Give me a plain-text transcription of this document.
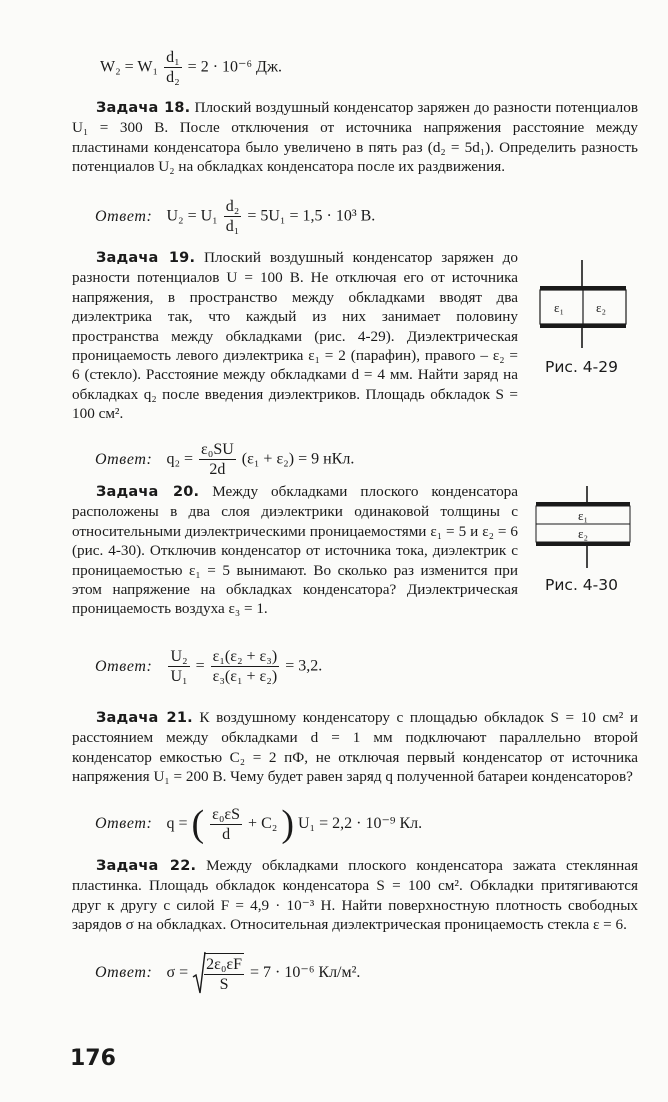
$W_2 = W_1 \frac{\text{d₁}}{\text{d₂}} = 2 \cdot 10^{-6}$ Дж.
Задача 18. Плоский воздушный конденсатор заряжен до разности потенциалов U₁ = 300 В. После отключения от источника напряжения расстояние между пластинами конденсатора было увеличено в пять раз (d₂ = 5d₁). Определить разность потенциалов U₂ на обкладках конденсатора после их раздвижения.
Ответ: $U_2 = U_1 \frac{\text{d₂}}{\text{d₁}} = 5U_1 = 1,5 \cdot 10^3$ В.
Задача 19. Плоский воздушный конденсатор заряжен до разности потенциалов U = 100 В. Не отключая его от источника напряжения, в пространство между обкладками вводят два диэлектрика так, что каждый из них занимает половину пространства между обкладками (рис. 4-29). Диэлектрическая проницаемость левого диэлектрика ε₁ = 2 (парафин), правого – ε₂ = 6 (стекло). Расстояние между обкладками d = 4 мм. Найти заряд на обкладках q₂ после введения диэлектриков. Площадь обкладок S = 100 см².
ε₁ ε₂
Рис. 4-29
Ответ: $q_2 = \frac{\text{ε₀SU}}{2d} (\varepsilon_1 + \varepsilon_2) = 9$ нКл.
Задача 20. Между обкладками плоского конденсатора расположены в два слоя диэлектрики одинаковой толщины с относительными диэлектрическими проницаемостями ε₁ = 5 и ε₂ = 6 (рис. 4-30). Отключив конденсатор от источника тока, диэлектрик с проницаемостью ε₁ = 5 вынимают. Во сколько раз изменится при этом напряжение на обкладках конденсатора? Диэлектрическая проницаемость воздуха ε₃ = 1.
ε₁
ε₂
Рис. 4-30
Ответ: $\frac{\text{U₂}}{\text{U₁}} = \frac{\text{ε₁(ε₂ + ε₃)}}{\text{ε₃(ε₁ + ε₂)}} = 3,2$.
Задача 21. К воздушному конденсатору с площадью обкладок S = 10 см² и расстоянием между обкладками d = 1 мм подключают параллельно второй конденсатор емкостью C₂ = 2 пФ, не отключая первый конденсатор от источника напряжения U₁ = 200 В. Чему будет равен заряд q полученной батареи конденсаторов?
Ответ: q = ( $\frac{\text{ε₀εS}}{d} + C_2$ ) U₁ = 2,2 · 10⁻⁹ Кл.
Задача 22. Между обкладками плоского конденсатора зажата стеклянная пластинка. Площадь обкладок конденсатора S = 100 см². Обкладки притягиваются друг к другу с силой F = 4,9 · 10⁻³ Н. Найти поверхностную плотность свободных зарядов σ на обкладках. Относительная диэлектрическая проницаемость стекла ε = 6.
Ответ: $\sigma = \frac{\text{2ε₀εF}}{S} = 7 \cdot 10^{-6}$ Кл/м².
176
